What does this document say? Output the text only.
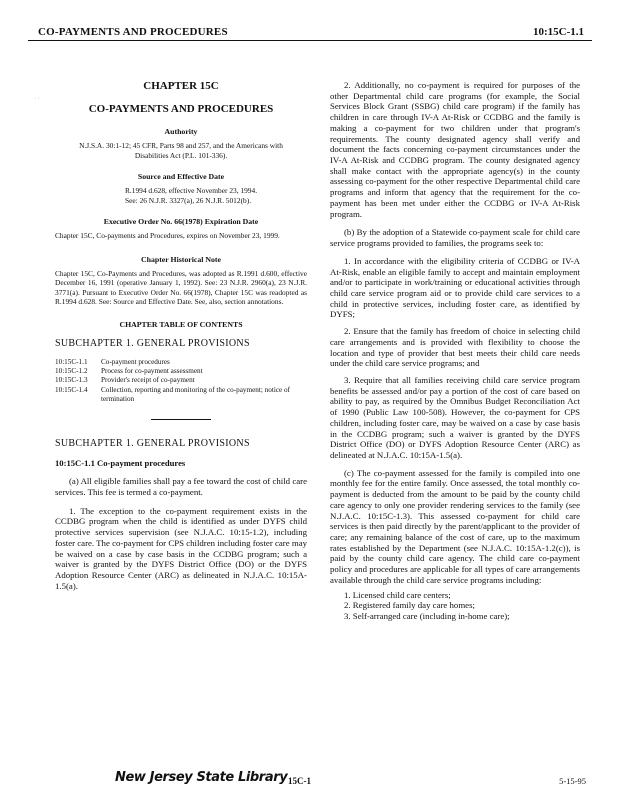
CO-PAYMENTS AND PROCEDURES	10:15C-1.1
· ·

CHAPTER 15C

CO-PAYMENTS AND PROCEDURES

Authority

N.J.S.A. 30:1-12; 45 CFR, Parts 98 and 257, and the Americans with Disabilities Act (P.L. 101-336).

Source and Effective Date

R.1994 d.628, effective November 23, 1994.

See: 26 N.J.R. 3327(a), 26 N.J.R. 5012(b).

Executive Order No. 66(1978) Expiration Date

Chapter 15C, Co-payments and Procedures, expires on November 23, 1999.

Chapter Historical Note

Chapter 15C, Co-Payments and Procedures, was adopted as R.1991 d.600, effective December 16, 1991 (operative January 1, 1992). See: 23 N.J.R. 2960(a), 23 N.J.R. 3771(a). Pursuant to Executive Order No. 66(1978), Chapter 15C was readopted as R.1994 d.628. See: Source and Effective Date. See, also, section annotations.

CHAPTER TABLE OF CONTENTS

SUBCHAPTER 1. GENERAL PROVISIONS

10:15C-1.1	Co-payment procedures
10:15C-1.2	Process for co-payment assessment
10:15C-1.3	Provider's receipt of co-payment
10:15C-1.4	Collection, reporting and monitoring of the co-payment; notice of termination

SUBCHAPTER 1. GENERAL PROVISIONS

10:15C-1.1 Co-payment procedures

(a) All eligible families shall pay a fee toward the cost of child care services. This fee is termed a co-payment.

1. The exception to the co-payment requirement exists in the CCDBG program when the child is identified as under DYFS child protective services supervision (see N.J.A.C. 10:15-1.2), including foster care. The co-payment for CPS children including foster care may be waived on a case by case basis in the CCDBG program; such a waiver is granted by the DYFS District Office (DO) or the DYFS Adoption Resource Center (ARC) as delineated in N.J.A.C. 10:15A-1.5(a).

2. Additionally, no co-payment is required for purposes of the other Departmental child care programs (for example, the Social Services Block Grant (SSBG) child care program) if the family has children in care through IV-A At-Risk or CCDBG and the family is making a co-payment for two children under that program's requirements. The county designated agency shall verify and document the facts concerning co-payment circumstances under the IV-A At-Risk and CCDBG program. The county designated agency shall make contact with the appropriate agency(s) in the county assessing co-payment for the other respective Departmental child care programs and inform that agency that the requirement for the co-payment has been met under either the CCDBG or IV-A At-Risk program.

(b) By the adoption of a Statewide co-payment scale for child care service programs provided to families, the programs seek to:

1. In accordance with the eligibility criteria of CCDBG or IV-A At-Risk, enable an eligible family to accept and maintain employment and/or to participate in work/training or educational activities through child care service program aid or to provide child care services to a child in protective services, including foster care, as identified by DYFS;

2. Ensure that the family has freedom of choice in selecting child care arrangements and is provided with flexibility to choose the location and type of provider that best meets their child care needs under the child care service programs; and

3. Require that all families receiving child care service program benefits be assessed and/or pay a portion of the cost of care based on ability to pay, as required by the Omnibus Budget Reconciliation Act of 1990 (Public Law 100-508). However, the co-payment for CPS children, including foster care, may be waived on a case by case basis in the CCDBG program; such a waiver is granted by the DYFS District Office (DO) or DYFS Adoption Resource Center (ARC) as delineated at N.J.A.C. 10:15A-1.5(a).

(c) The co-payment assessed for the family is compiled into one monthly fee for the entire family. Once assessed, the total monthly co-payment is deducted from the amount to be paid by the county child care agency to only one provider rendering services to the family (see N.J.A.C. 10:15C-1.3). This assessed co-payment for child care services is then paid directly by the parent/applicant to the provider of care; any remaining balance of the cost of care, up to the maximum rates established by the Department (see N.J.A.C. 10:15A-1.2(c)), is paid by the county child care agency. The child care co-payment policy and procedures are applicable for all types of care arrangements available through the child care service programs including:

1. Licensed child care centers;

2. Registered family day care homes;

3. Self-arranged care (including in-home care);

15C-1	5-15-95
New Jersey State Library
